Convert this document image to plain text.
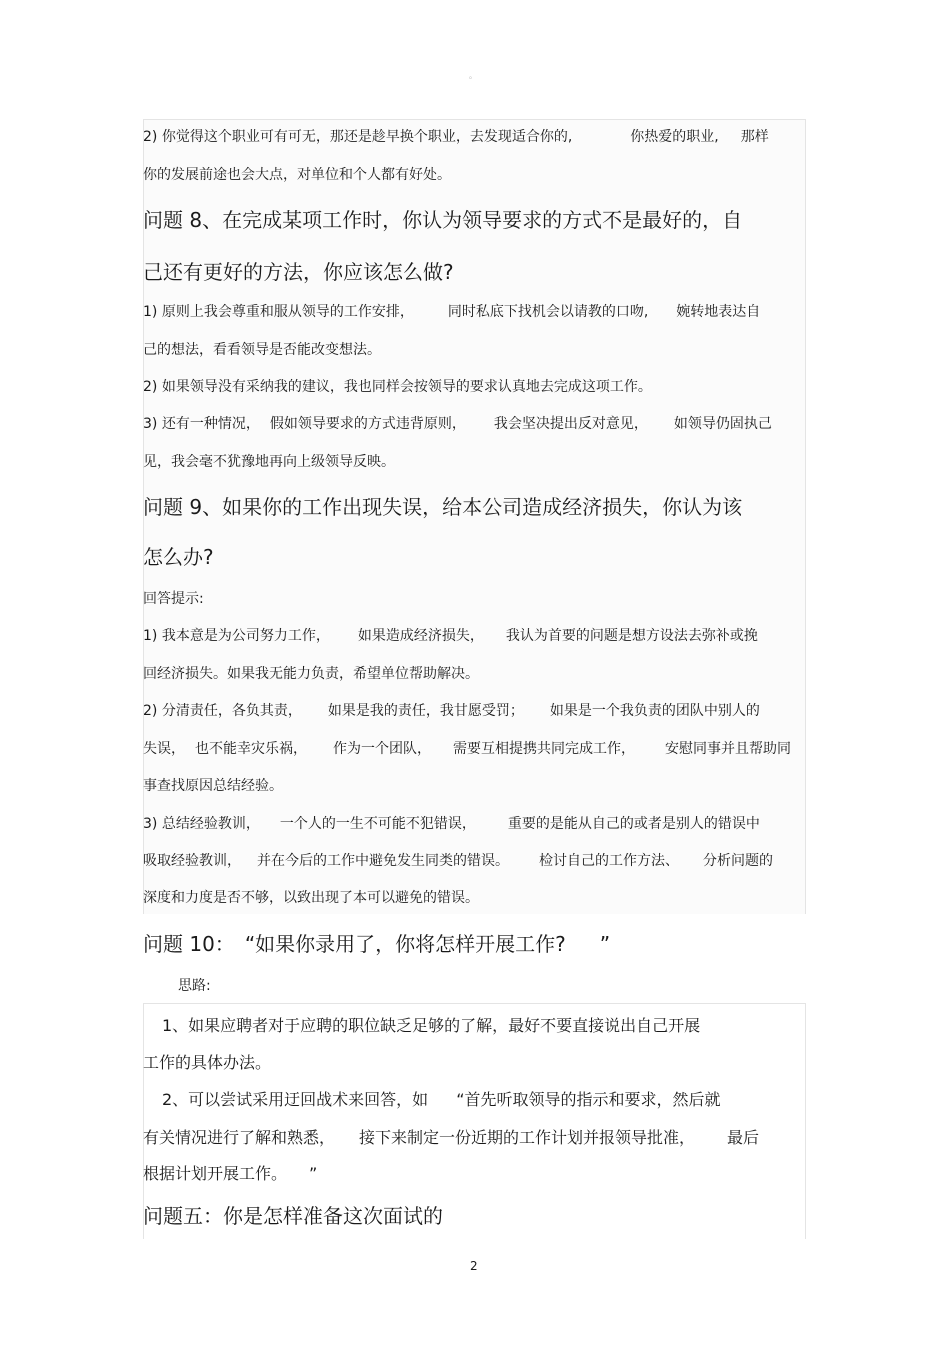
。
2) 你觉得这个职业可有可无，那还是趁早换个职业，去发现适合你的,	你热爱的职业, 那样
你的发展前途也会大点，对单位和个人都有好处。
问题 8、在完成某项工作时，你认为领导要求的方式不是最好的，自
己还有更好的方法，你应该怎么做?
1) 原则上我会尊重和服从领导的工作安排， 同时私底下找机会以请教的口吻, 婉转地表达自
己的想法，看看领导是否能改变想法。
2) 如果领导没有采纳我的建议，我也同样会按领导的要求认真地去完成这项工作。
3) 还有一种情况， 假如领导要求的方式违背原则， 我会坚决提出反对意见， 如领导仍固执己
见，我会毫不犹豫地再向上级领导反映。
问题 9、如果你的工作出现失误，给本公司造成经济损失，你认为该
怎么办?
回答提示:
1) 我本意是为公司努力工作， 如果造成经济损失， 我认为首要的问题是想方设法去弥补或挽
回经济损失。如果我无能力负责，希望单位帮助解决。
2) 分清责任，各负其责， 如果是我的责任，我甘愿受罚； 如果是一个我负责的团队中别人的
失误， 也不能幸灾乐祸， 作为一个团队， 需要互相提携共同完成工作， 安慰同事并且帮助同
事查找原因总结经验。
3) 总结经验教训， 一个人的一生不可能不犯错误， 重要的是能从自己的或者是别人的错误中
吸取经验教训， 并在今后的工作中避免发生同类的错误。 检讨自己的工作方法、 分析问题的
深度和力度是否不够，以致出现了本可以避免的错误。
问题 10： “如果你录用了，你将怎样开展工作? ”
思路:
1、如果应聘者对于应聘的职位缺乏足够的了解，最好不要直接说出自己开展
工作的具体办法。
2、可以尝试采用迂回战术来回答，如 “首先听取领导的指示和要求，然后就
有关情况进行了解和熟悉， 接下来制定一份近期的工作计划并报领导批准， 最后
根据计划开展工作。 ”
问题五：你是怎样准备这次面试的
2
